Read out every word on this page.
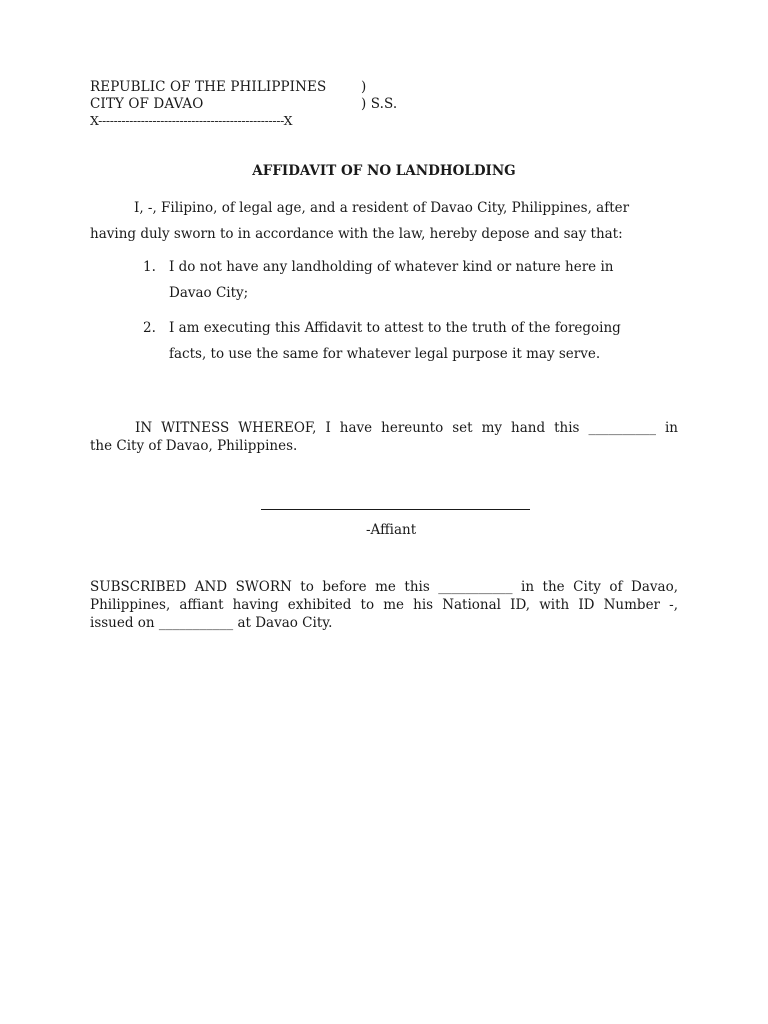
REPUBLIC OF THE PHILIPPINES	)
CITY OF DAVAO	) S.S.
X------------------------------------------------X
AFFIDAVIT OF NO LANDHOLDING
I, -, Filipino, of legal age, and a resident of Davao City, Philippines, after
having duly sworn to in accordance with the law, hereby depose and say that:
1. I do not have any landholding of whatever kind or nature here in
Davao City;
2. I am executing this Affidavit to attest to the truth of the foregoing
facts, to use the same for whatever legal purpose it may serve.
IN WITNESS WHEREOF, I have hereunto set my hand this __________ in
the City of Davao, Philippines.
-Affiant
SUBSCRIBED AND SWORN to before me this ___________ in the City of Davao,
Philippines, affiant having exhibited to me his National ID, with ID Number -,
issued on ___________ at Davao City.
